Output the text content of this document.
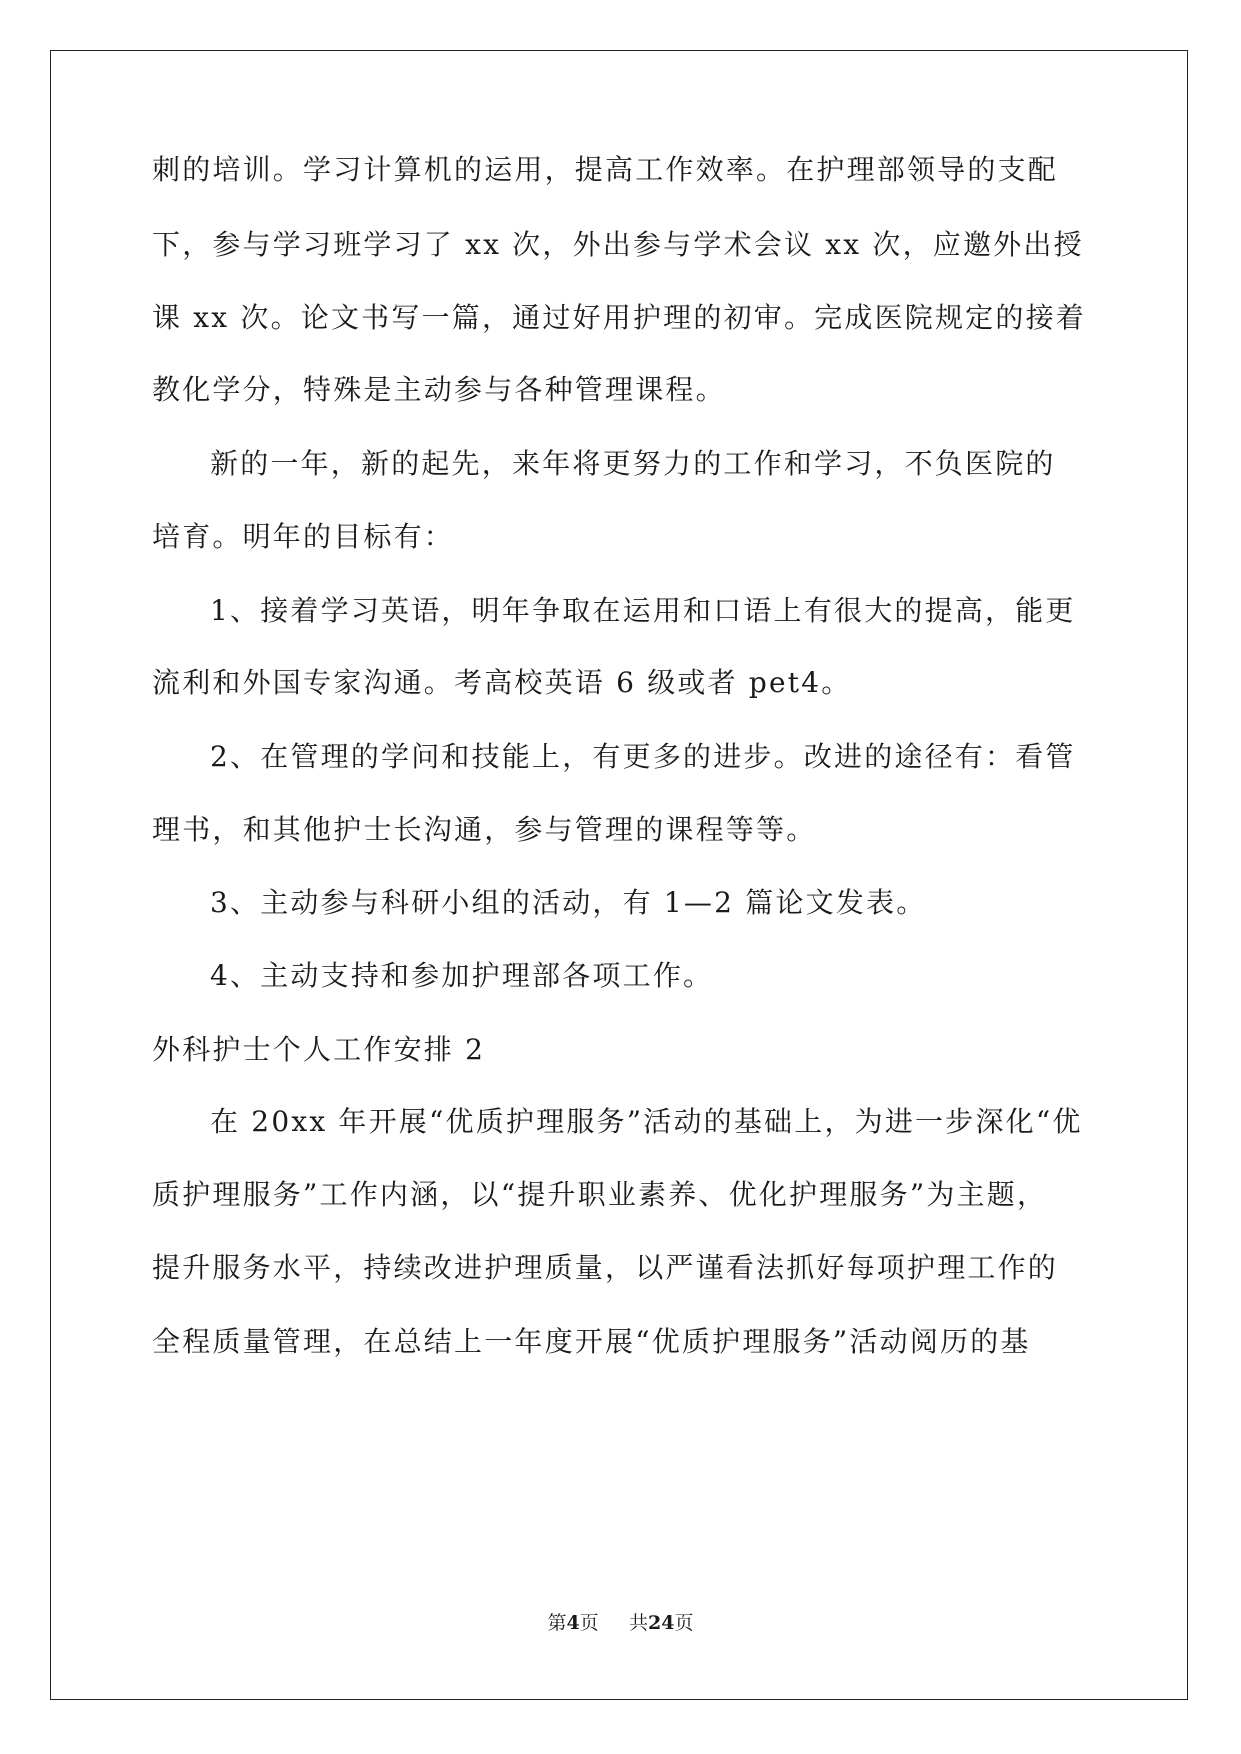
刺的培训。学习计算机的运用，提高工作效率。在护理部领导的支配
下，参与学习班学习了 xx 次，外出参与学术会议 xx 次，应邀外出授
课 xx 次。论文书写一篇，通过好用护理的初审。完成医院规定的接着
教化学分，特殊是主动参与各种管理课程。
新的一年，新的起先，来年将更努力的工作和学习，不负医院的
培育。明年的目标有：
1、接着学习英语，明年争取在运用和口语上有很大的提高，能更
流利和外国专家沟通。考高校英语 6 级或者 pet4。
2、在管理的学问和技能上，有更多的进步。改进的途径有：看管
理书，和其他护士长沟通，参与管理的课程等等。
3、主动参与科研小组的活动，有 1—2 篇论文发表。
4、主动支持和参加护理部各项工作。
外科护士个人工作安排 2
在 20xx 年开展“优质护理服务”活动的基础上，为进一步深化“优
质护理服务”工作内涵，以“提升职业素养、优化护理服务”为主题，
提升服务水平，持续改进护理质量，以严谨看法抓好每项护理工作的
全程质量管理，在总结上一年度开展“优质护理服务”活动阅历的基
第4页 共24页
